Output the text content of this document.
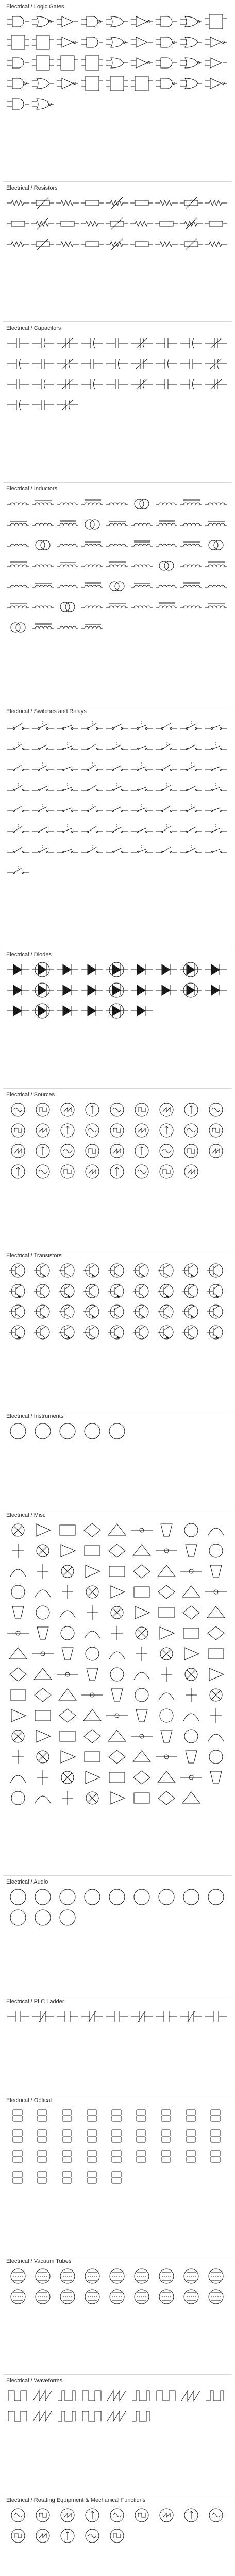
Electrical / Logic Gates
Electrical / Resistors
Electrical / Capacitors
Electrical / Inductors
Electrical / Switches and Relays
Electrical / Diodes
Electrical / Sources
Electrical / Transistors
Electrical / Instruments
Electrical / Misc
Electrical / Audio
Electrical / PLC Ladder
Electrical / Optical
Electrical / Vacuum Tubes
Electrical / Waveforms
Electrical / Rotating Equipment & Mechanical Functions
